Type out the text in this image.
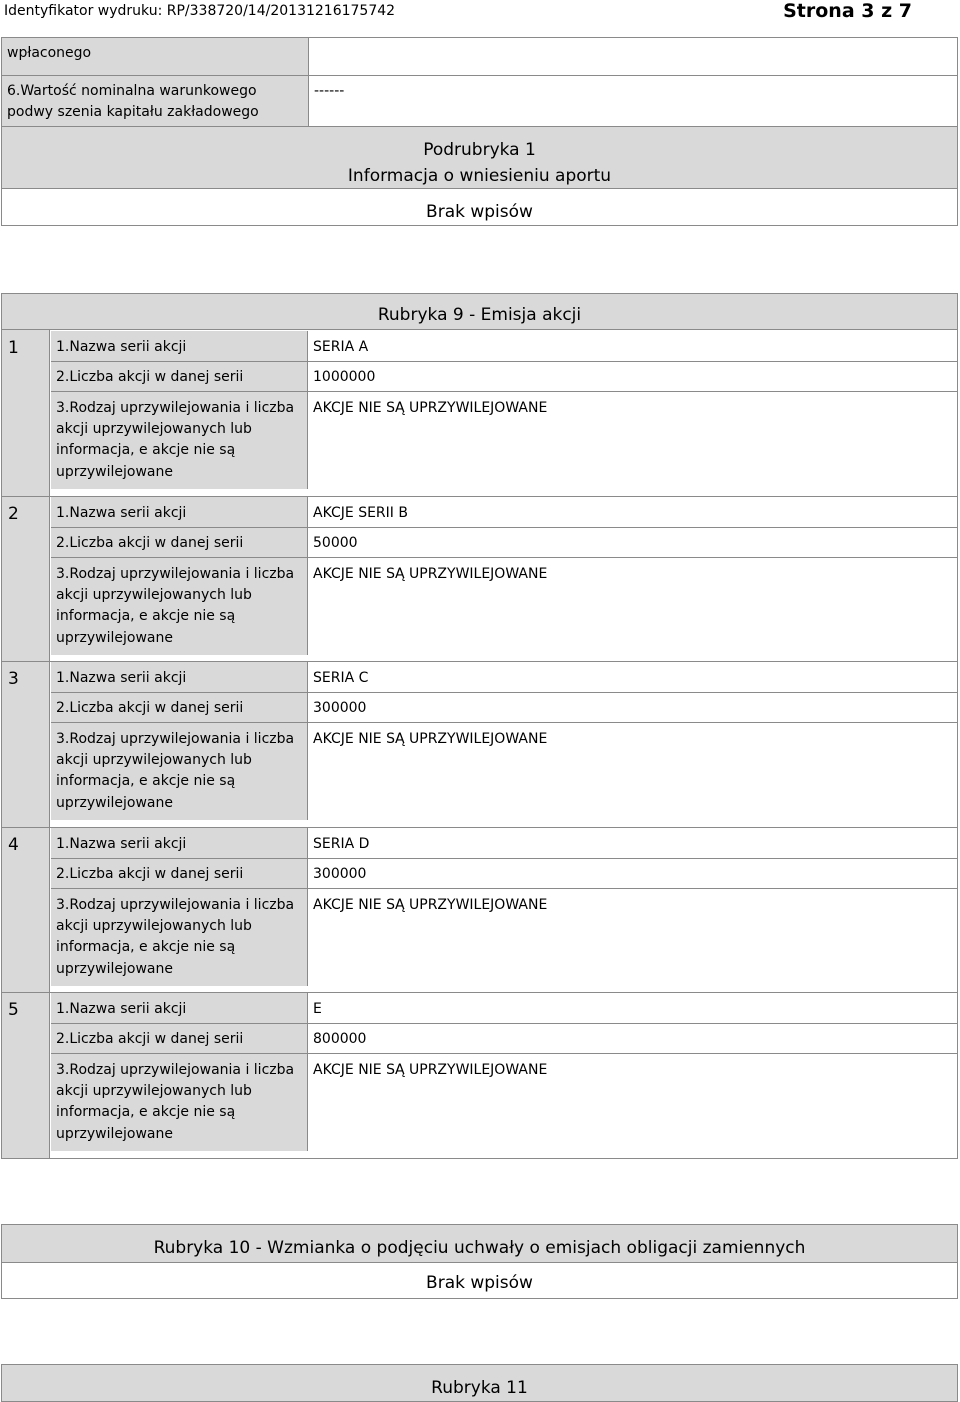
Identyfikator wydruku: RP/338720/14/20131216175742	Strona 3 z 7
wpłaconego
6.Wartość nominalna warunkowego
podwy szenia kapitału zakładowego
------
Podrubryka 1
Informacja o wniesieniu aportu
Brak wpisów
Rubryka 9 - Emisja akcji
1	1.Nazwa serii akcji	SERIA A
2.Liczba akcji w danej serii	1000000
3.Rodzaj uprzywilejowania i liczba
akcji uprzywilejowanych lub
informacja, e akcje nie są
uprzywilejowane
AKCJE NIE SĄ UPRZYWILEJOWANE
2	1.Nazwa serii akcji	AKCJE SERII B
2.Liczba akcji w danej serii	50000
3.Rodzaj uprzywilejowania i liczba
akcji uprzywilejowanych lub
informacja, e akcje nie są
uprzywilejowane
AKCJE NIE SĄ UPRZYWILEJOWANE
3	1.Nazwa serii akcji	SERIA C
2.Liczba akcji w danej serii	300000
3.Rodzaj uprzywilejowania i liczba
akcji uprzywilejowanych lub
informacja, e akcje nie są
uprzywilejowane
AKCJE NIE SĄ UPRZYWILEJOWANE
4	1.Nazwa serii akcji	SERIA D
2.Liczba akcji w danej serii	300000
3.Rodzaj uprzywilejowania i liczba
akcji uprzywilejowanych lub
informacja, e akcje nie są
uprzywilejowane
AKCJE NIE SĄ UPRZYWILEJOWANE
5	1.Nazwa serii akcji	E
2.Liczba akcji w danej serii	800000
3.Rodzaj uprzywilejowania i liczba
akcji uprzywilejowanych lub
informacja, e akcje nie są
uprzywilejowane
AKCJE NIE SĄ UPRZYWILEJOWANE
Rubryka 10 - Wzmianka o podjęciu uchwały o emisjach obligacji zamiennych
Brak wpisów
Rubryka 11
